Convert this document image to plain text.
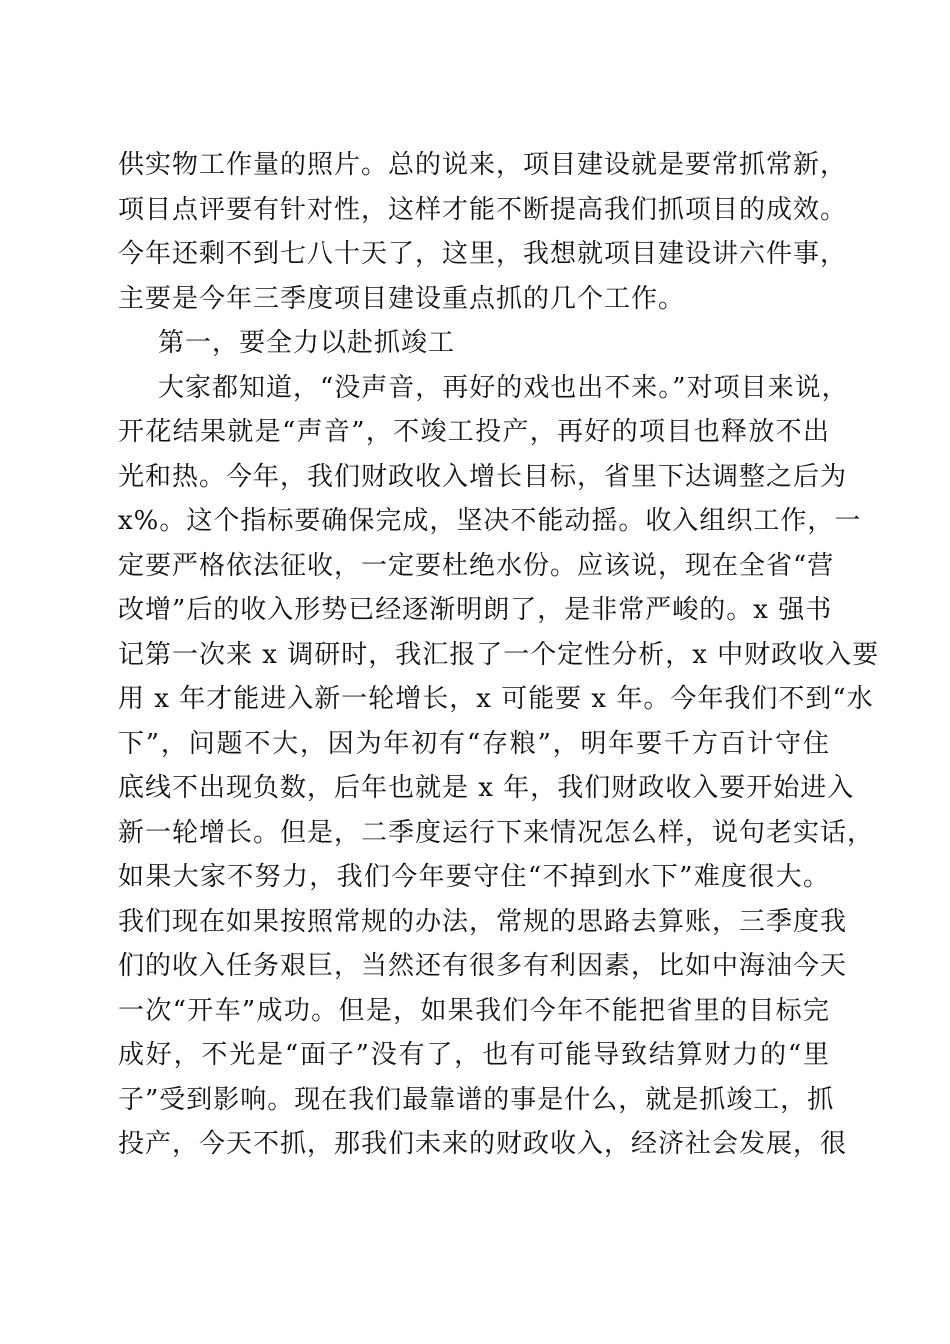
供实物工作量的照片。总的说来，项目建设就是要常抓常新，
项目点评要有针对性，这样才能不断提高我们抓项目的成效。
今年还剩不到七八十天了，这里，我想就项目建设讲六件事，
主要是今年三季度项目建设重点抓的几个工作。
第一，要全力以赴抓竣工
大家都知道，“没声音，再好的戏也出不来。”对项目来说，
开花结果就是“声音”，不竣工投产，再好的项目也释放不出
光和热。今年，我们财政收入增长目标，省里下达调整之后为
x%。这个指标要确保完成，坚决不能动摇。收入组织工作，一
定要严格依法征收，一定要杜绝水份。应该说，现在全省“营
改增”后的收入形势已经逐渐明朗了，是非常严峻的。x 强书
记第一次来 x 调研时，我汇报了一个定性分析，x 中财政收入要
用 x 年才能进入新一轮增长，x 可能要 x 年。今年我们不到“水
下”，问题不大，因为年初有“存粮”，明年要千方百计守住
底线不出现负数，后年也就是 x 年，我们财政收入要开始进入
新一轮增长。但是，二季度运行下来情况怎么样，说句老实话，
如果大家不努力，我们今年要守住“不掉到水下”难度很大。
我们现在如果按照常规的办法，常规的思路去算账，三季度我
们的收入任务艰巨，当然还有很多有利因素，比如中海油今天
一次“开车”成功。但是，如果我们今年不能把省里的目标完
成好，不光是“面子”没有了，也有可能导致结算财力的“里
子”受到影响。现在我们最靠谱的事是什么，就是抓竣工，抓
投产，今天不抓，那我们未来的财政收入，经济社会发展，很
